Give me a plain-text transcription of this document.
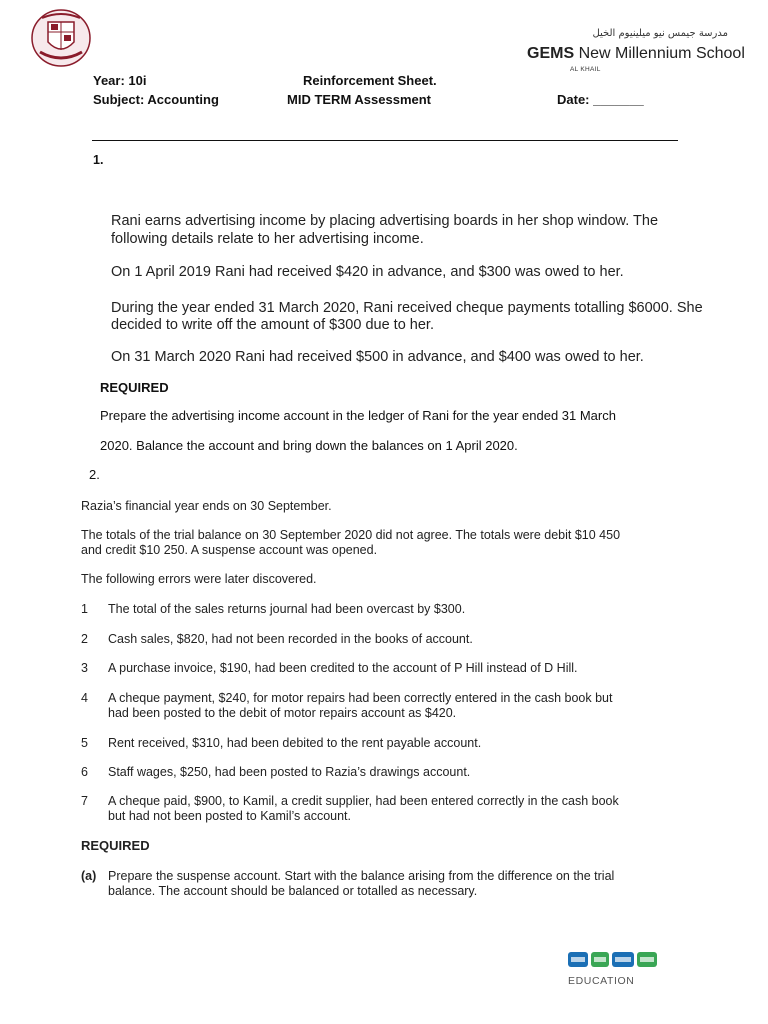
مدرسة جيمس نيو ميلينيوم الخيل
GEMS New Millennium School
AL KHAIL
Year: 10i	Reinforcement Sheet.
Subject: Accounting	MID TERM Assessment	Date: _______
1.
Rani earns advertising income by placing advertising boards in her shop window. The
following details relate to her advertising income.
On 1 April 2019 Rani had received $420 in advance, and $300 was owed to her.
During the year ended 31 March 2020, Rani received cheque payments totalling $6000. She
decided to write off the amount of $300 due to her.
On 31 March 2020 Rani had received $500 in advance, and $400 was owed to her.
REQUIRED
Prepare the advertising income account in the ledger of Rani for the year ended 31 March
2020. Balance the account and bring down the balances on 1 April 2020.
2.
Razia’s financial year ends on 30 September.
The totals of the trial balance on 30 September 2020 did not agree. The totals were debit $10 450
and credit $10 250. A suspense account was opened.
The following errors were later discovered.
1 The total of the sales returns journal had been overcast by $300.
2 Cash sales, $820, had not been recorded in the books of account.
3 A purchase invoice, $190, had been credited to the account of P Hill instead of D Hill.
4 A cheque payment, $240, for motor repairs had been correctly entered in the cash book but
had been posted to the debit of motor repairs account as $420.
5 Rent received, $310, had been debited to the rent payable account.
6 Staff wages, $250, had been posted to Razia’s drawings account.
7 A cheque paid, $900, to Kamil, a credit supplier, had been entered correctly in the cash book
but had not been posted to Kamil’s account.
REQUIRED
(a) Prepare the suspense account. Start with the balance arising from the difference on the trial
balance. The account should be balanced or totalled as necessary.
EDUCATION
